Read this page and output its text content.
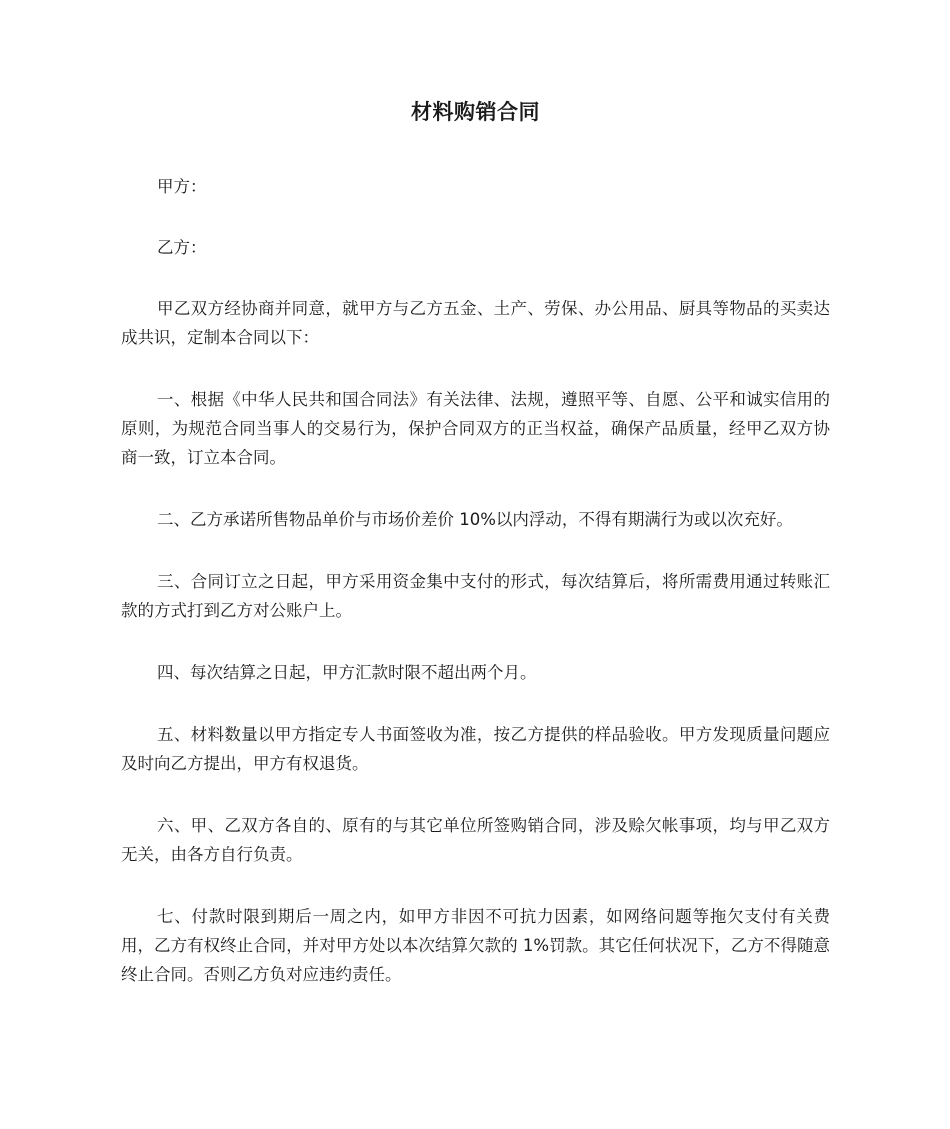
材料购销合同

甲方：

乙方：

甲乙双方经协商并同意，就甲方与乙方五金、土产、劳保、办公用品、厨具等物品的买卖达成共识，定制本合同以下：

一、根据《中华人民共和国合同法》有关法律、法规，遵照平等、自愿、公平和诚实信用的原则，为规范合同当事人的交易行为，保护合同双方的正当权益，确保产品质量，经甲乙双方协商一致，订立本合同。

二、乙方承诺所售物品单价与市场价差价 10%以内浮动，不得有期满行为或以次充好。

三、合同订立之日起，甲方采用资金集中支付的形式，每次结算后，将所需费用通过转账汇款的方式打到乙方对公账户上。

四、每次结算之日起，甲方汇款时限不超出两个月。

五、材料数量以甲方指定专人书面签收为准，按乙方提供的样品验收。甲方发现质量问题应及时向乙方提出，甲方有权退货。

六、甲、乙双方各自的、原有的与其它单位所签购销合同，涉及赊欠帐事项，均与甲乙双方无关，由各方自行负责。

七、付款时限到期后一周之内，如甲方非因不可抗力因素，如网络问题等拖欠支付有关费用，乙方有权终止合同，并对甲方处以本次结算欠款的 1%罚款。其它任何状况下，乙方不得随意终止合同。否则乙方负对应违约责任。
